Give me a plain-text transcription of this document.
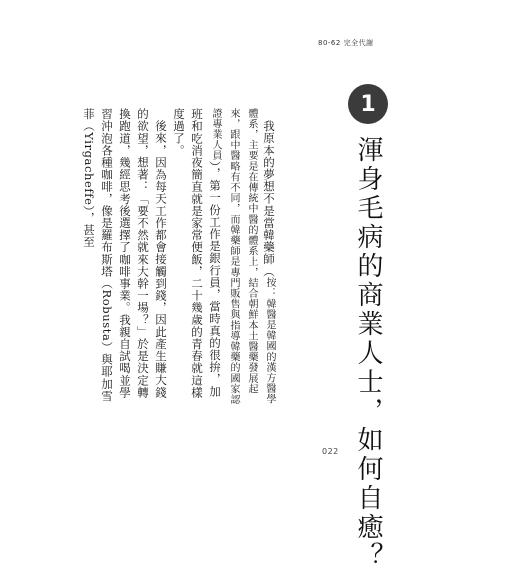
80-62 完全代謝
1
渾身毛病的商業人士，如何自癒？

我原本的夢想不是當韓藥師（按：韓醫是韓國的漢方醫學體系，主要是在傳統中醫的體系上，結合朝鮮本土醫藥發展起來，跟中醫略有不同，而韓藥師是專門販售與指導韓藥的國家認證專業人員），第一份工作是銀行員，當時真的很拚，加班和吃消夜簡直就是家常便飯，二十幾歲的青春就這樣度過了。

後來，因為每天工作都會接觸到錢，因此產生賺大錢的欲望，想著：「要不然就來大幹一場？」於是決定轉換跑道，幾經思考後選擇了咖啡事業。我親自試喝並學習沖泡各種咖啡，像是羅布斯塔（Robusta）與耶加雪菲（Yirgacheffe），甚至

022
